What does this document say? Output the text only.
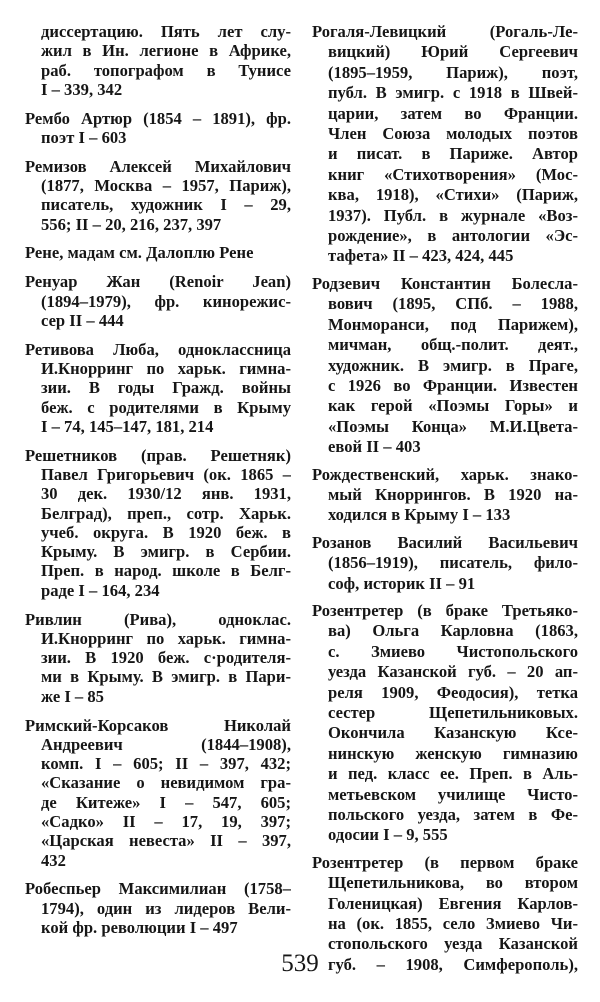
диссертацию. Пять лет слу-
жил в Ин. легионе в Африке,
раб. топографом в Тунисе
I – 339, 342
Рембо Артюр (1854 – 1891), фр.
поэт I – 603
Ремизов Алексей Михайлович
(1877, Москва – 1957, Париж),
писатель, художник I – 29,
556; II – 20, 216, 237, 397
Рене, мадам см. Далоплю Рене
Ренуар Жан (Renoir Jean)
(1894–1979), фр. кинорежис-
сер II – 444
Ретивова Люба, одноклассница
И.Кнорринг по харьк. гимна-
зии. В годы Гражд. войны
беж. с родителями в Крыму
I – 74, 145–147, 181, 214
Решетников (прав. Решетняк)
Павел Григорьевич (ок. 1865 –
30 дек. 1930/12 янв. 1931,
Белград), преп., сотр. Харьк.
учеб. округа. В 1920 беж. в
Крыму. В эмигр. в Сербии.
Преп. в народ. школе в Белг-
раде I – 164, 234
Ривлин (Рива), одноклас.
И.Кнорринг по харьк. гимна-
зии. В 1920 беж. с·родителя-
ми в Крыму. В эмигр. в Пари-
же I – 85
Римский-Корсаков Николай
Андреевич (1844–1908),
комп. I – 605; II – 397, 432;
«Сказание о невидимом гра-
де Китеже» I – 547, 605;
«Садко» II – 17, 19, 397;
«Царская невеста» II – 397,
432
Робеспьер Максимилиан (1758–
1794), один из лидеров Вели-
кой фр. революции I – 497
Рогаля-Левицкий (Рогаль-Ле-
вицкий) Юрий Сергеевич
(1895–1959, Париж), поэт,
публ. В эмигр. с 1918 в Швей-
царии, затем во Франции.
Член Союза молодых поэтов
и писат. в Париже. Автор
книг «Стихотворения» (Мос-
ква, 1918), «Стихи» (Париж,
1937). Публ. в журнале «Воз-
рождение», в антологии «Эс-
тафета» II – 423, 424, 445
Родзевич Константин Болесла-
вович (1895, СПб. – 1988,
Монморанси, под Парижем),
мичман, общ.-полит. деят.,
художник. В эмигр. в Праге,
с 1926 во Франции. Известен
как герой «Поэмы Горы» и
«Поэмы Конца» М.И.Цвета-
евой II – 403
Рождественский, харьк. знако-
мый Кноррингов. В 1920 на-
ходился в Крыму I – 133
Розанов Василий Васильевич
(1856–1919), писатель, фило-
соф, историк II – 91
Розентретер (в браке Третьяко-
ва) Ольга Карловна (1863,
с. Змиево Чистопольского
уезда Казанской губ. – 20 ап-
реля 1909, Феодосия), тетка
сестер Щепетильниковых.
Окончила Казанскую Ксе-
нинскую женскую гимназию
и пед. класс ее. Преп. в Аль-
метьевском училище Чисто-
польского уезда, затем в Фе-
одосии I – 9, 555
Розентретер (в первом браке
Щепетильникова, во втором
Голеницкая) Евгения Карлов-
на (ок. 1855, село Змиево Чи-
стопольского уезда Казанской
губ. – 1908, Симферополь),
539
